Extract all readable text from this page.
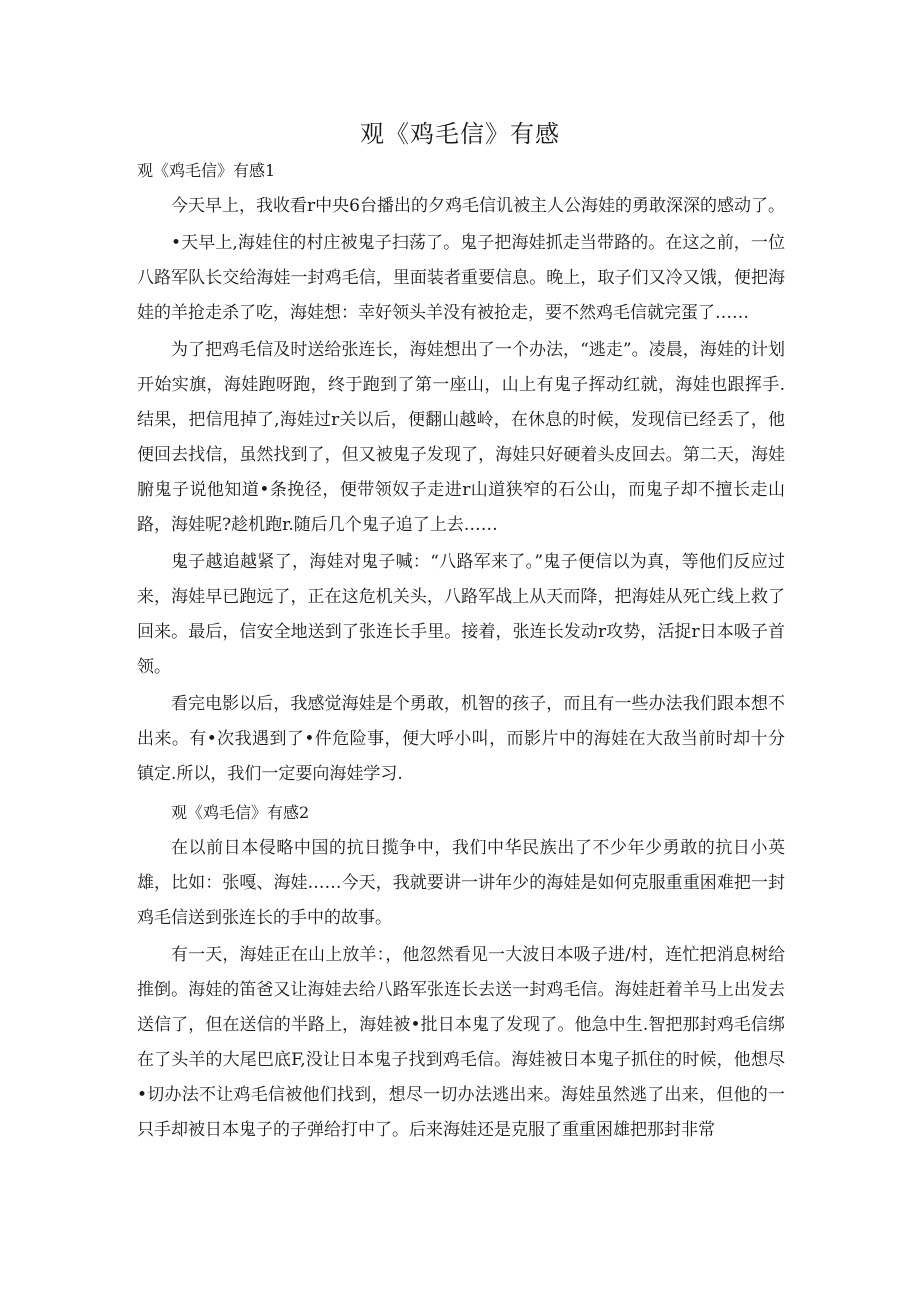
观《鸡毛信》有感

观《鸡毛信》有感1

今天早上，我收看r中央6台播出的夕鸡毛信讥被主人公海娃的勇敢深深的感动了。

•天早上,海娃住的村庄被鬼子扫荡了。鬼子把海娃抓走当带路的。在这之前，一位八路军队长交给海娃一封鸡毛信，里面装者重要信息。晚上，取子们又冷又饿，便把海娃的羊抢走杀了吃，海娃想：幸好领头羊没有被抢走，要不然鸡毛信就完蛋了……

为了把鸡毛信及时送给张连长，海娃想出了一个办法，“逃走”。凌晨，海娃的计划开始实旗，海娃跑呀跑，终于跑到了第一座山，山上有鬼子挥动红就，海娃也跟挥手.结果，把信甩掉了,海娃过r关以后，便翻山越岭，在休息的时候，发现信已经丢了，他便回去找信，虽然找到了，但又被鬼子发现了，海娃只好硬着头皮回去。第二天，海娃腑鬼子说他知道•条挽径，便带领奴子走进r山道狭窄的石公山，而鬼子却不擅长走山路，海娃呢?趁机跑r.随后几个鬼子追了上去……

鬼子越追越紧了，海娃对鬼子喊：“八路军来了。”鬼子便信以为真，等他们反应过来，海娃早已跑远了，正在这危机关头，八路军战上从天而降，把海娃从死亡线上救了回来。最后，信安全地送到了张连长手里。接着，张连长发动r攻势，活捉r日本吸子首领。

看完电影以后，我感觉海娃是个勇敢，机智的孩子，而且有一些办法我们跟本想不出来。有•次我遇到了•件危险事，便大呼小叫，而影片中的海娃在大敌当前时却十分镇定.所以，我们一定要向海娃学习.

观《鸡毛信》有感2

在以前日本侵略中国的抗日揽争中，我们中华民族出了不少年少勇敢的抗日小英雄，比如：张嘎、海娃……今天，我就要讲一讲年少的海娃是如何克服重重困难把一封鸡毛信送到张连长的手中的故事。

有一天，海娃正在山上放羊：，他忽然看见一大波日本吸子进/村，连忙把消息树给推倒。海娃的笛爸又让海娃去给八路军张连长去送一封鸡毛信。海娃赶着羊马上出发去送信了，但在送信的半路上，海娃被•批日本鬼了发现了。他急中生.智把那封鸡毛信绑在了头羊的大尾巴底F,没让日本鬼子找到鸡毛信。海娃被日本鬼子抓住的时候，他想尽•切办法不让鸡毛信被他们找到，想尽一切办法逃出来。海娃虽然逃了出来，但他的一只手却被日本鬼子的子弹给打中了。后来海娃还是克服了重重困雄把那封非常
